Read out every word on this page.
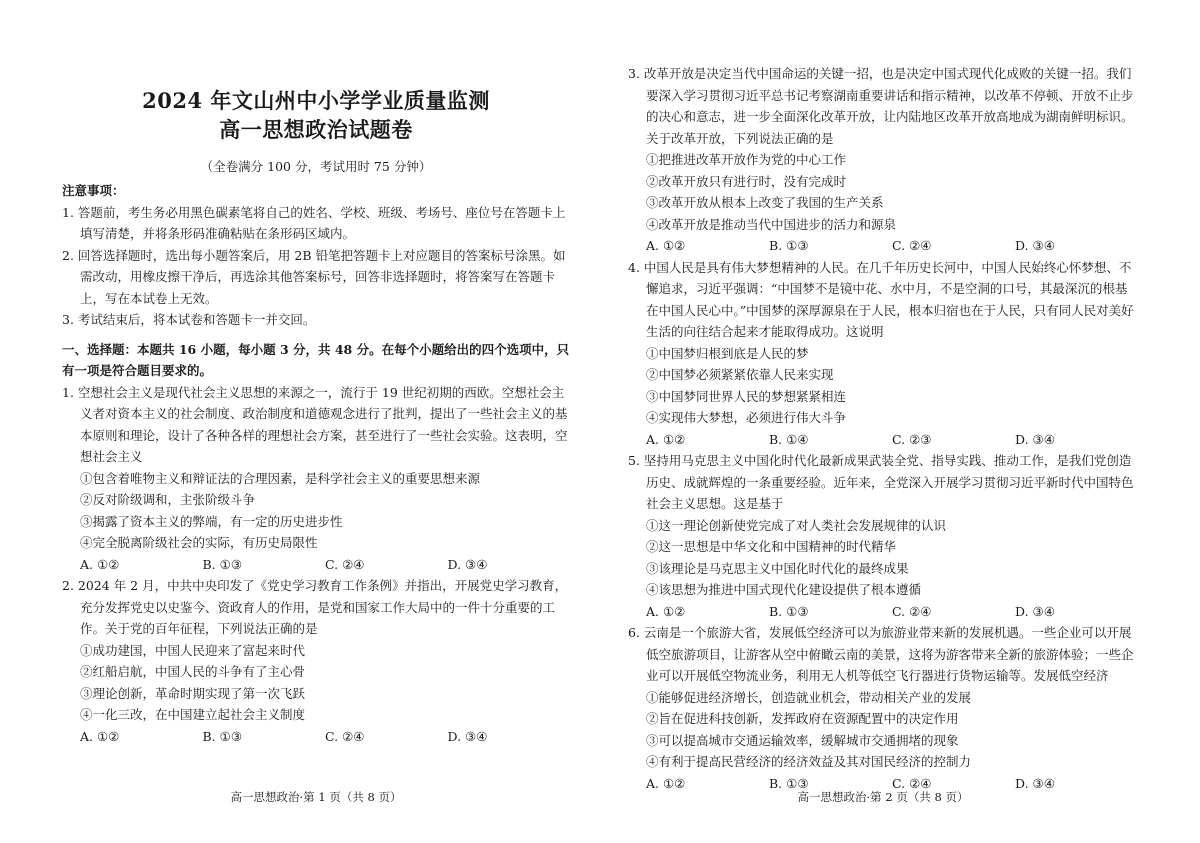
2024 年文山州中小学学业质量监测
高一思想政治试题卷
（全卷满分 100 分，考试用时 75 分钟）
注意事项：

1. 答题前，考生务必用黑色碳素笔将自己的姓名、学校、班级、考场号、座位号在答题卡上填写清楚，并将条形码准确粘贴在条形码区域内。

2. 回答选择题时，选出每小题答案后，用 2B 铅笔把答题卡上对应题目的答案标号涂黑。如需改动，用橡皮擦干净后，再选涂其他答案标号，回答非选择题时，将答案写在答题卡上，写在本试卷上无效。

3. 考试结束后，将本试卷和答题卡一并交回。

一、选择题：本题共 16 小题，每小题 3 分，共 48 分。在每个小题给出的四个选项中，只有一项是符合题目要求的。

1. 空想社会主义是现代社会主义思想的来源之一，流行于 19 世纪初期的西欧。空想社会主义者对资本主义的社会制度、政治制度和道德观念进行了批判，提出了一些社会主义的基本原则和理论，设计了各种各样的理想社会方案，甚至进行了一些社会实验。这表明，空想社会主义

①包含着唯物主义和辩证法的合理因素，是科学社会主义的重要思想来源
②反对阶级调和，主张阶级斗争
③揭露了资本主义的弊端，有一定的历史进步性
④完全脱离阶级社会的实际，有历史局限性
A. ①②	B. ①③	C. ②④	D. ③④

2. 2024 年 2 月，中共中央印发了《党史学习教育工作条例》并指出，开展党史学习教育，充分发挥党史以史鉴今、资政育人的作用，是党和国家工作大局中的一件十分重要的工作。关于党的百年征程，下列说法正确的是

①成功建国，中国人民迎来了富起来时代
②红船启航，中国人民的斗争有了主心骨
③理论创新，革命时期实现了第一次飞跃
④一化三改，在中国建立起社会主义制度
A. ①②	B. ①③	C. ②④	D. ③④
高一思想政治·第 1 页（共 8 页）

3. 改革开放是决定当代中国命运的关键一招，也是决定中国式现代化成败的关键一招。我们要深入学习贯彻习近平总书记考察湖南重要讲话和指示精神，以改革不停顿、开放不止步的决心和意志，进一步全面深化改革开放，让内陆地区改革开放高地成为湖南鲜明标识。关于改革开放，下列说法正确的是

①把推进改革开放作为党的中心工作
②改革开放只有进行时，没有完成时
③改革开放从根本上改变了我国的生产关系
④改革开放是推动当代中国进步的活力和源泉
A. ①②	B. ①③	C. ②④	D. ③④

4. 中国人民是具有伟大梦想精神的人民。在几千年历史长河中，中国人民始终心怀梦想、不懈追求，习近平强调：“中国梦不是镜中花、水中月，不是空洞的口号，其最深沉的根基在中国人民心中。”中国梦的深厚源泉在于人民，根本归宿也在于人民，只有同人民对美好生活的向往结合起来才能取得成功。这说明

①中国梦归根到底是人民的梦
②中国梦必须紧紧依靠人民来实现
③中国梦同世界人民的梦想紧紧相连
④实现伟大梦想，必须进行伟大斗争
A. ①②	B. ①④	C. ②③	D. ③④

5. 坚持用马克思主义中国化时代化最新成果武装全党、指导实践、推动工作，是我们党创造历史、成就辉煌的一条重要经验。近年来，全党深入开展学习贯彻习近平新时代中国特色社会主义思想。这是基于

①这一理论创新使党完成了对人类社会发展规律的认识
②这一思想是中华文化和中国精神的时代精华
③该理论是马克思主义中国化时代化的最终成果
④该思想为推进中国式现代化建设提供了根本遵循
A. ①②	B. ①③	C. ②④	D. ③④

6. 云南是一个旅游大省，发展低空经济可以为旅游业带来新的发展机遇。一些企业可以开展低空旅游项目，让游客从空中俯瞰云南的美景，这将为游客带来全新的旅游体验；一些企业可以开展低空物流业务，利用无人机等低空飞行器进行货物运输等。发展低空经济

①能够促进经济增长，创造就业机会，带动相关产业的发展
②旨在促进科技创新，发挥政府在资源配置中的决定作用
③可以提高城市交通运输效率，缓解城市交通拥堵的现象
④有利于提高民营经济的经济效益及其对国民经济的控制力
A. ①②	B. ①③	C. ②④	D. ③④
高一思想政治·第 2 页（共 8 页）
